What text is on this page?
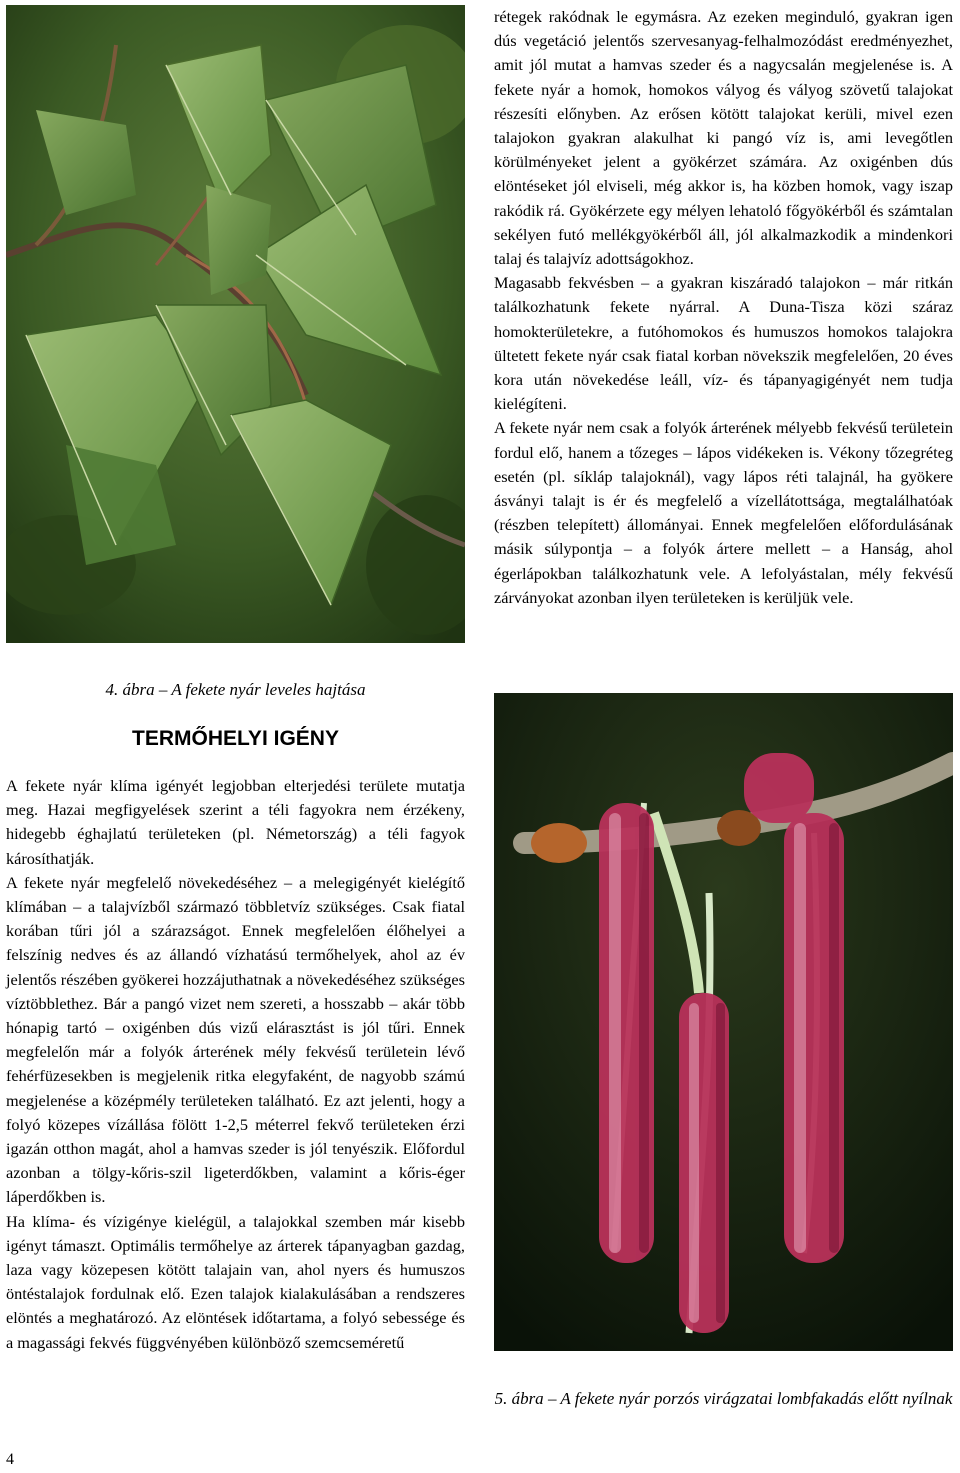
4. ábra – A fekete nyár leveles hajtása

rétegek rakódnak le egymásra. Az ezeken meginduló, gyakran igen dús vegetáció jelentős szervesanyag-felhalmozódást eredményezhet, amit jól mutat a hamvas szeder és a nagycsalán megjelenése is. A fekete nyár a homok, homokos vályog és vályog szövetű talajokat részesíti előnyben. Az erősen kötött talajokat kerüli, mivel ezen talajokon gyakran alakulhat ki pangó víz is, ami levegőtlen körülményeket jelent a gyökérzet számára. Az oxigénben dús elöntéseket jól elviseli, még akkor is, ha közben homok, vagy iszap rakódik rá. Gyökérzete egy mélyen lehatoló főgyökérből és számtalan sekélyen futó mellékgyökérből áll, jól alkalmazkodik a mindenkori talaj és talajvíz adottságokhoz.

Magasabb fekvésben – a gyakran kiszáradó talajokon – már ritkán találkozhatunk fekete nyárral. A Duna-Tisza közi száraz homokterületekre, a futóhomokos és humuszos homokos talajokra ültetett fekete nyár csak fiatal korban növekszik megfelelően, 20 éves kora után növekedése leáll, víz- és tápanyagigényét nem tudja kielégíteni.

A fekete nyár nem csak a folyók árterének mélyebb fekvésű területein fordul elő, hanem a tőzeges – lápos vidékeken is. Vékony tőzegréteg esetén (pl. síkláp talajoknál), vagy lápos réti talajnál, ha gyökere ásványi talajt is ér és megfelelő a vízellátottsága, megtalálhatóak (részben telepített) állományai. Ennek megfelelően előfordulásának másik súlypontja – a folyók ártere mellett – a Hanság, ahol égerlápokban találkozhatunk vele. A lefolyástalan, mély fekvésű zárványokat azonban ilyen területeken is kerüljük vele.

TERMŐHELYI IGÉNY

A fekete nyár klíma igényét legjobban elterjedési területe mutatja meg. Hazai megfigyelések szerint a téli fagyokra nem érzékeny, hidegebb éghajlatú területeken (pl. Németország) a téli fagyok károsíthatják.

A fekete nyár megfelelő növekedéséhez – a melegigényét kielégítő klímában – a talajvízből származó többletvíz szükséges. Csak fiatal korában tűri jól a szárazságot. Ennek megfelelően élőhelyei a felszínig nedves és az állandó vízhatású termőhelyek, ahol az év jelentős részében gyökerei hozzájuthatnak a növekedéséhez szükséges víztöbblethez. Bár a pangó vizet nem szereti, a hosszabb – akár több hónapig tartó – oxigénben dús vizű elárasztást is jól tűri. Ennek megfelelőn már a folyók árterének mély fekvésű területein lévő fehérfüzesekben is megjelenik ritka elegyfaként, de nagyobb számú megjelenése a középmély területeken található. Ez azt jelenti, hogy a folyó közepes vízállása fölött 1-2,5 méterrel fekvő területeken érzi igazán otthon magát, ahol a hamvas szeder is jól tenyészik. Előfordul azonban a tölgy-kőris-szil ligeterdőkben, valamint a kőris-éger láperdőkben is.

Ha klíma- és vízigénye kielégül, a talajokkal szemben már kisebb igényt támaszt. Optimális termőhelye az árterek tápanyagban gazdag, laza vagy közepesen kötött talajain van, ahol nyers és humuszos öntéstalajok fordulnak elő. Ezen talajok kialakulásában a rendszeres elöntés a meghatározó. Az elöntések időtartama, a folyó sebessége és a magassági fekvés függvényében különböző szemcseméretű

5. ábra – A fekete nyár porzós virágzatai lombfakadás előtt nyílnak

4
